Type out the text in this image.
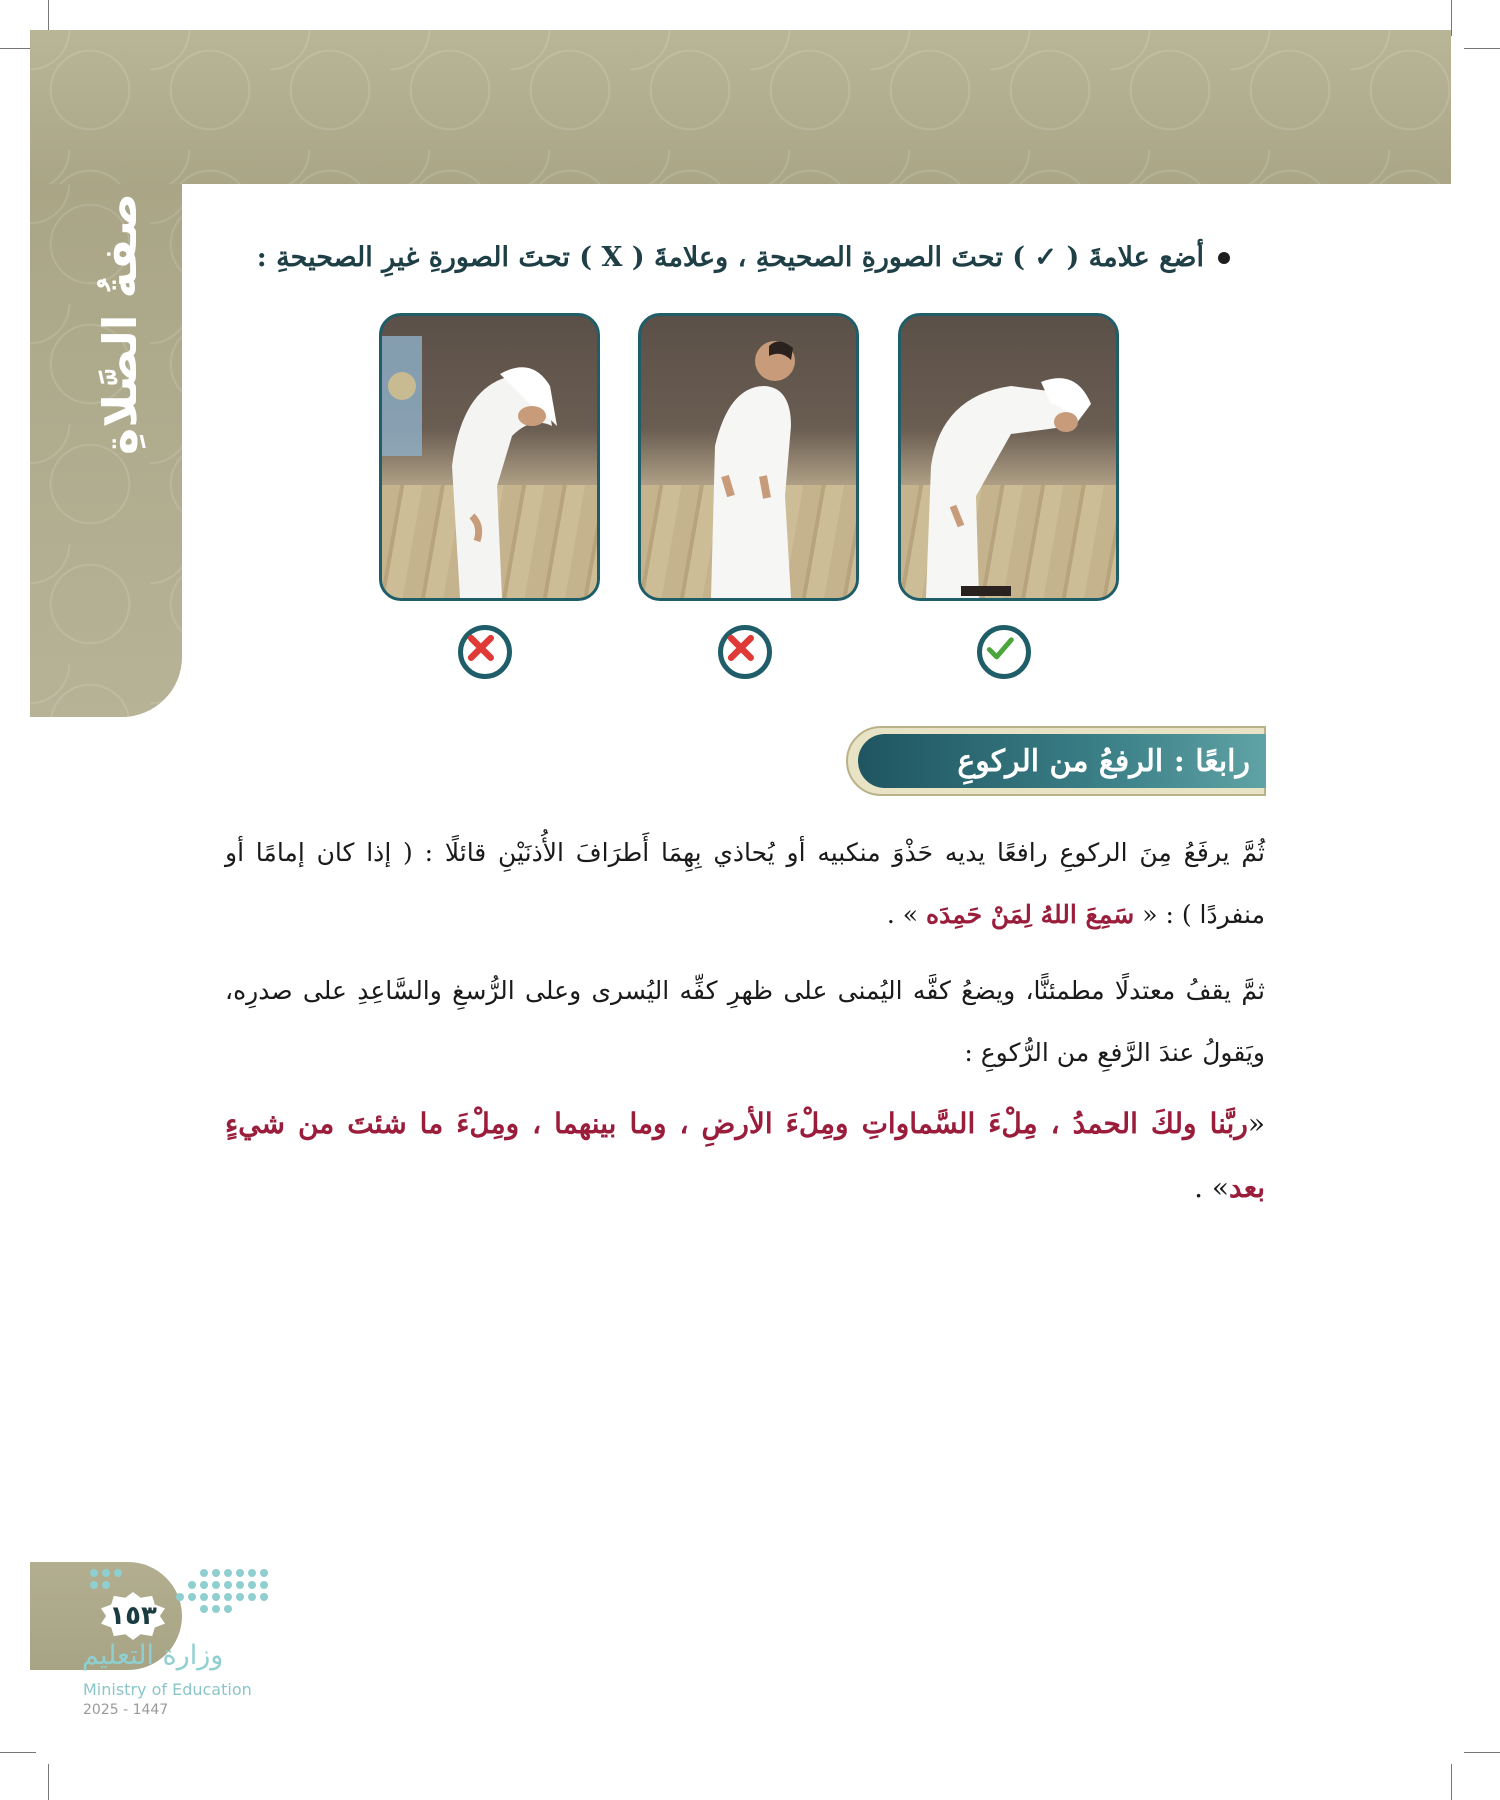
صفةُ الصَّلاةِ	أضع علامةَ ( ✓ ) تحتَ الصورةِ الصحيحةِ ، وعلامةَ ( X ) تحتَ الصورةِ غيرِ الصحيحةِ :
رابعًا : الرفعُ من الركوعِ
ثُمَّ يرفَعُ مِنَ الركوعِ رافعًا يديه حَذْوَ منكبيه أو يُحاذي بِهِمَا أَطرَافَ الأُذنَيْنِ قائلًا : ( إذا كان إمامًا أو منفردًا ) : « سَمِعَ اللهُ لِمَنْ حَمِدَه » .
ثمَّ يقفُ معتدلًا مطمئنًّا، ويضعُ كفَّه اليُمنى على ظهرِ كفِّه اليُسرى وعلى الرُّسغِ والسَّاعِدِ على صدرِه، ويَقولُ عندَ الرَّفعِ من الرُّكوعِ :
«ربَّنا ولكَ الحمدُ ، مِلْءَ السَّماواتِ ومِلْءَ الأرضِ ، وما بينهما ، ومِلْءَ ما شئتَ من شيءٍ بعد» .
١٥٣
وزارة التعليم
Ministry of Education
2025 - 1447
